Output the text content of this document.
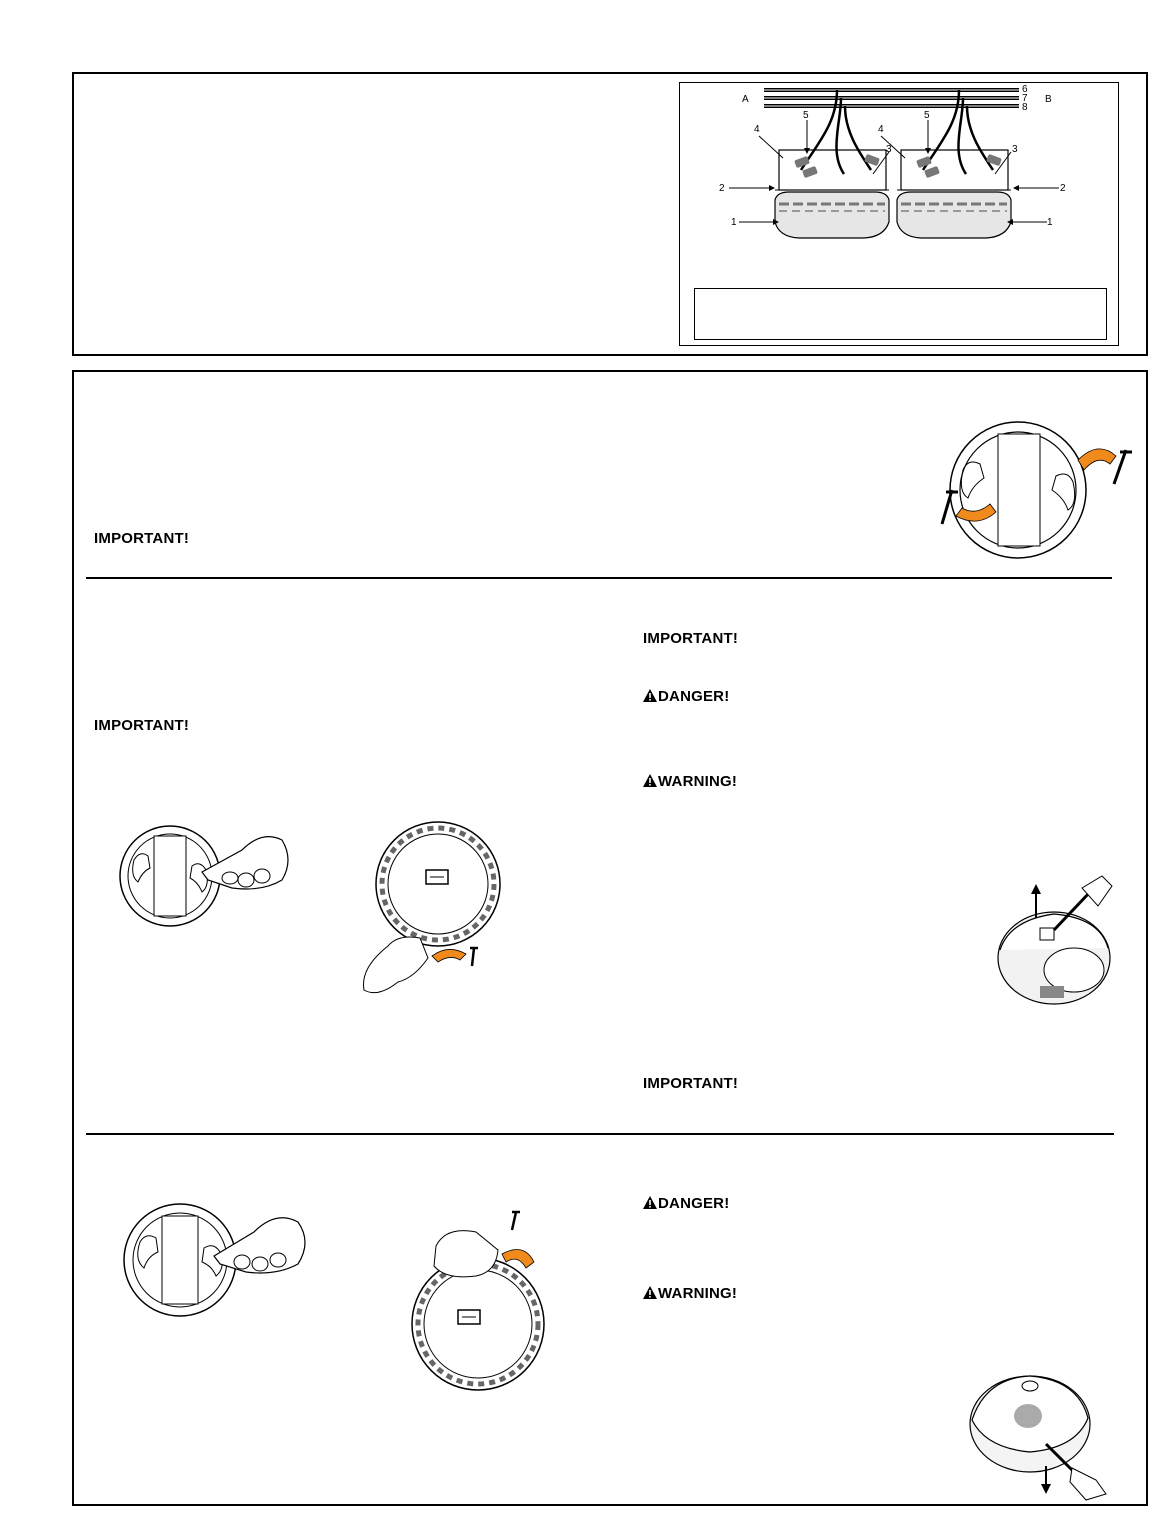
A	B
6
7
8
5	5
4	4
3	3
2	2
1	1
IMPORTANT!
IMPORTANT!
IMPORTANT!
DANGER!
WARNING!
IMPORTANT!
DANGER!
WARNING!
